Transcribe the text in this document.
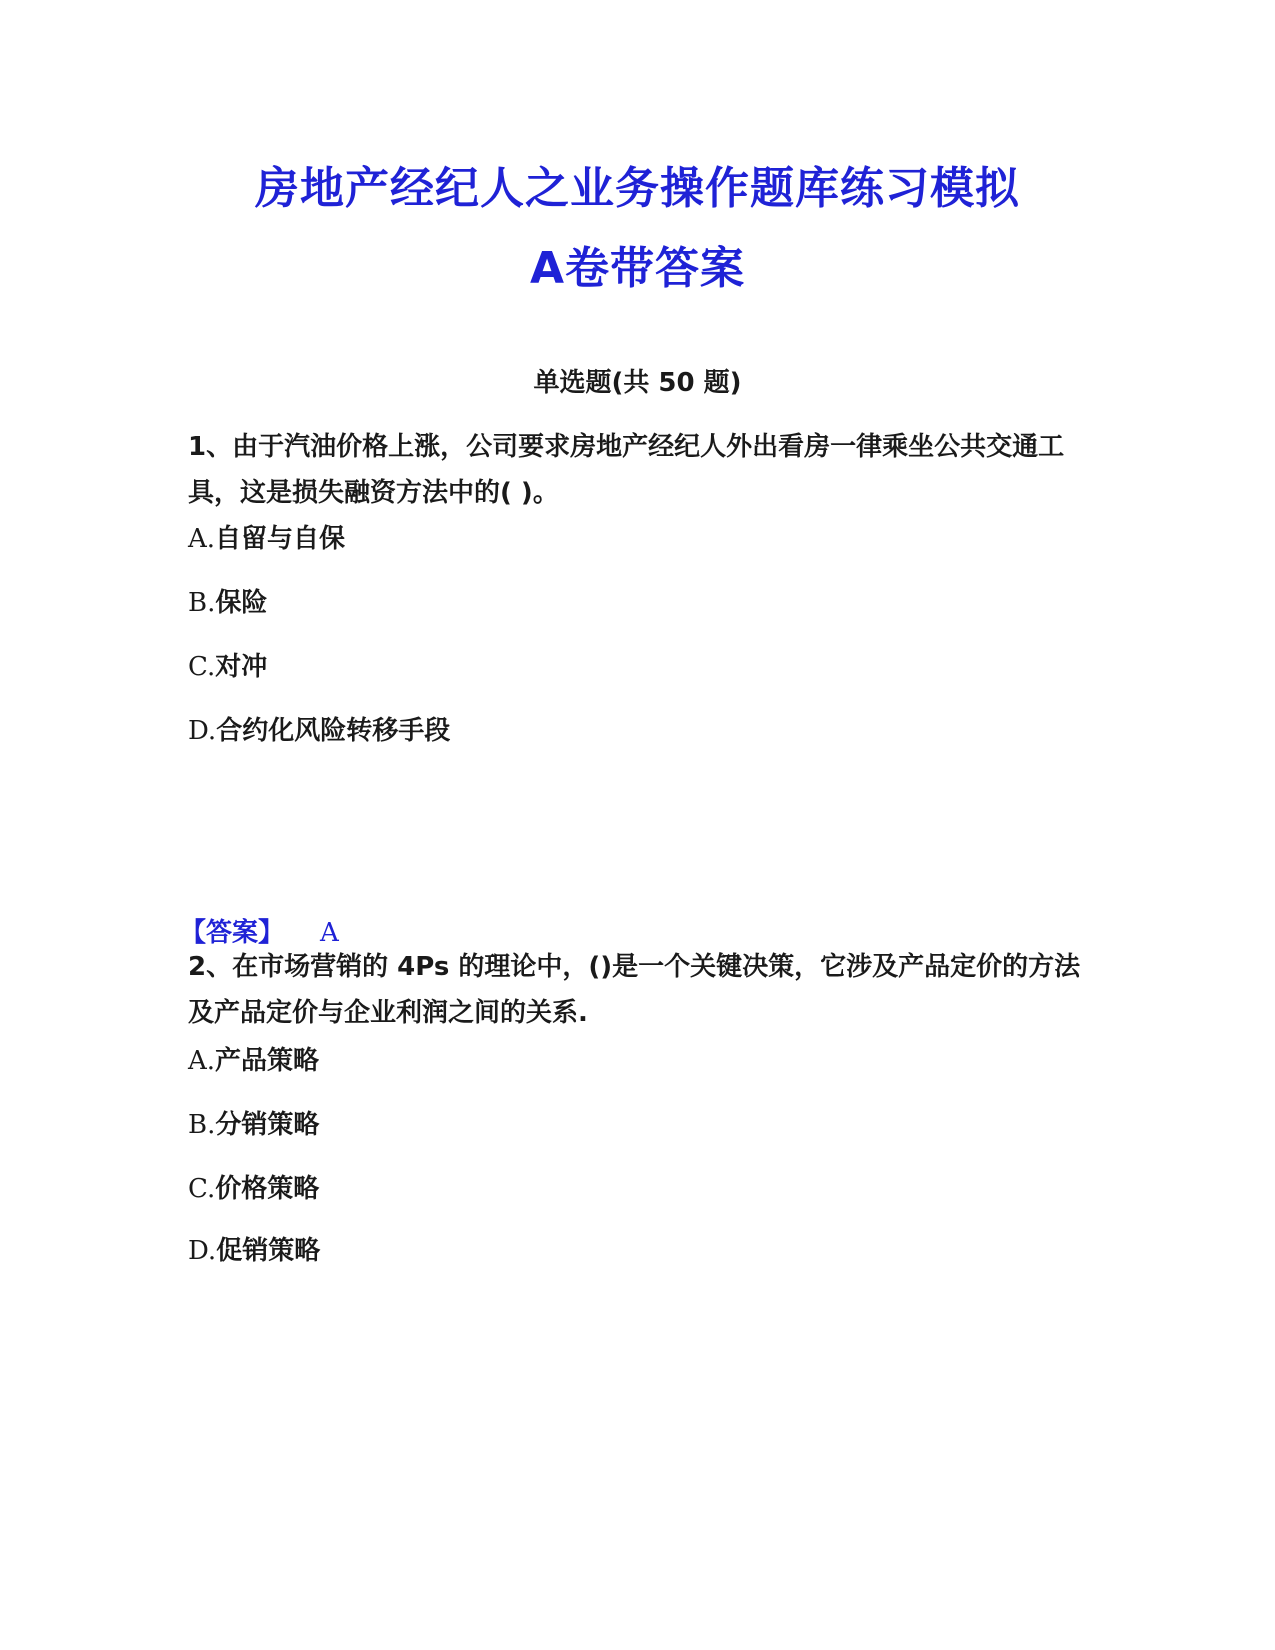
房地产经纪人之业务操作题库练习模拟
A卷带答案
单选题(共 50 题)
1、由于汽油价格上涨，公司要求房地产经纪人外出看房一律乘坐公共交通工具，这是损失融资方法中的( )。
A.自留与自保
B.保险
C.对冲
D.合约化风险转移手段
【答案】 A
2、在市场营销的 4Ps 的理论中，()是一个关键决策，它涉及产品定价的方法及产品定价与企业利润之间的关系.
A.产品策略
B.分销策略
C.价格策略
D.促销策略
